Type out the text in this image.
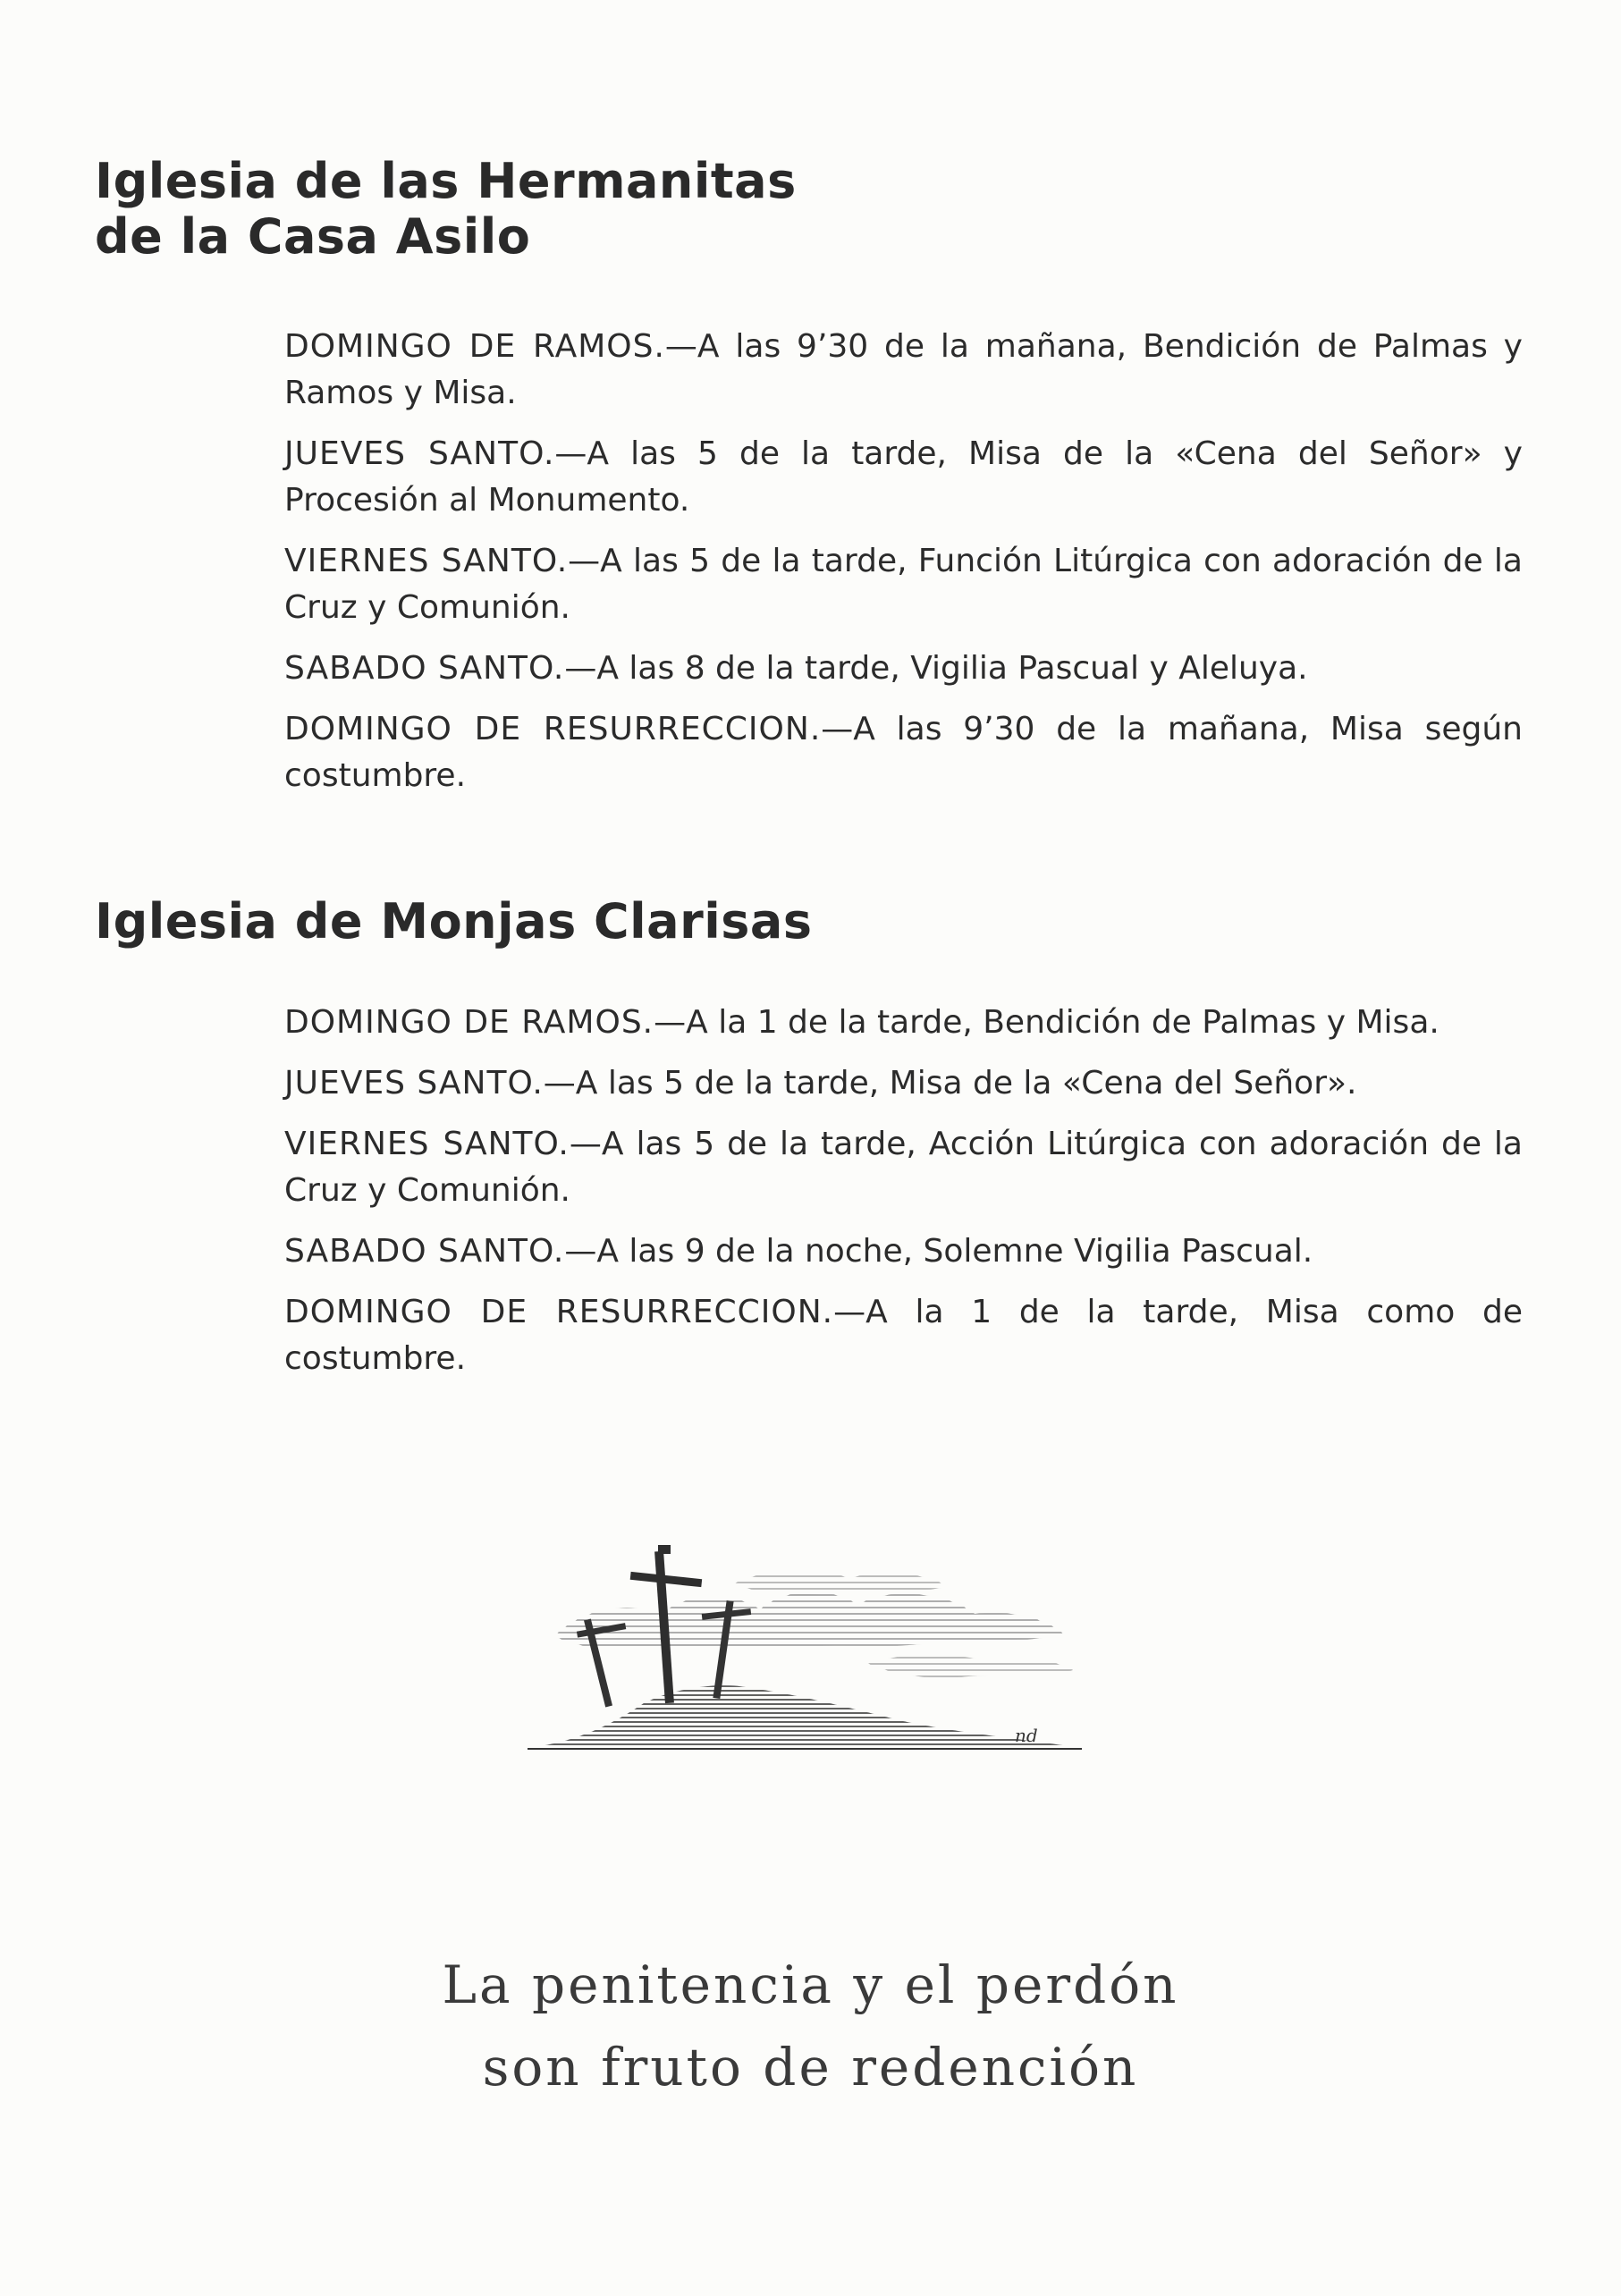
Iglesia de las Hermanitas
de la Casa Asilo

DOMINGO DE RAMOS.—A las 9’30 de la mañana, Bendición de Palmas y Ramos y Misa.

JUEVES SANTO.—A las 5 de la tarde, Misa de la «Cena del Señor» y Procesión al Monumento.

VIERNES SANTO.—A las 5 de la tarde, Función Litúrgica con adoración de la Cruz y Comunión.

SABADO SANTO.—A las 8 de la tarde, Vigilia Pascual y Aleluya.

DOMINGO DE RESURRECCION.—A las 9’30 de la mañana, Misa según costumbre.

Iglesia de Monjas Clarisas

DOMINGO DE RAMOS.—A la 1 de la tarde, Bendición de Palmas y Misa.

JUEVES SANTO.—A las 5 de la tarde, Misa de la «Cena del Señor».

VIERNES SANTO.—A las 5 de la tarde, Acción Litúrgica con adoración de la Cruz y Comunión.

SABADO SANTO.—A las 9 de la noche, Solemne Vigilia Pascual.

DOMINGO DE RESURRECCION.—A la 1 de la tarde, Misa como de costumbre.

nd
La penitencia y el perdón
son fruto de redención
